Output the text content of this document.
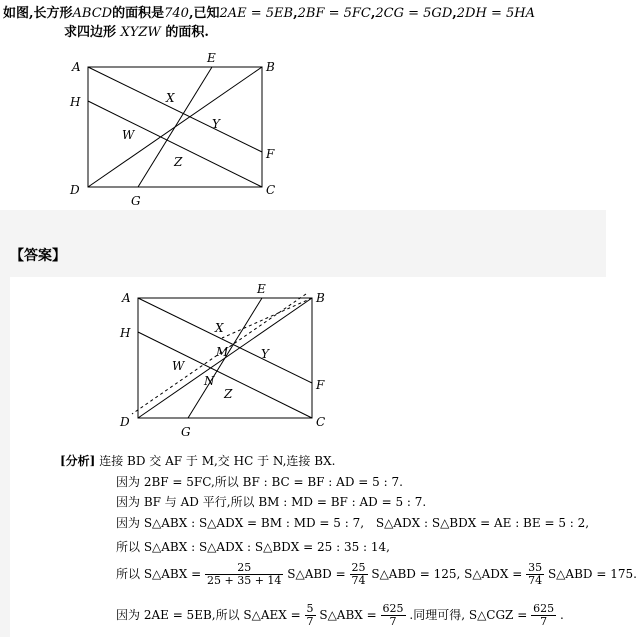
如图,长方形ABCD的面积是740,已知2AE = 5EB,2BF = 5FC,2CG = 5GD,2DH = 5HA
求四边形 XYZW 的面积.
A	B
C
D
E
F
G
H	X
Y
Z
W
【答案】
A	B
C
D
E
F
G
H	X
Y
Z
W
M
N
[分析] 连接 BD 交 AF 于 M,交 HC 于 N,连接 BX.
因为 2BF = 5FC,所以 BF : BC = BF : AD = 5 : 7.
因为 BF 与 AD 平行,所以 BM : MD = BF : AD = 5 : 7.
因为 S△ABX : S△ADX = BM : MD = 5 : 7, S△ADX : S△BDX = AE : BE = 5 : 2,
所以 S△ABX : S△ADX : S△BDX = 25 : 35 : 14,
所以 S△ABX = $\frac{25}{25 + 35 + 14}$ S△ABD = $\frac{25}{74}$ S△ABD = 125, S△ADX = $\frac{35}{74}$ S△ABD = 175.
因为 2AE = 5EB,所以 S△AEX = $\frac{5}{7}$ S△ABX = $\frac{625}{7}$ .同理可得, S△CGZ = $\frac{625}{7}$ .
